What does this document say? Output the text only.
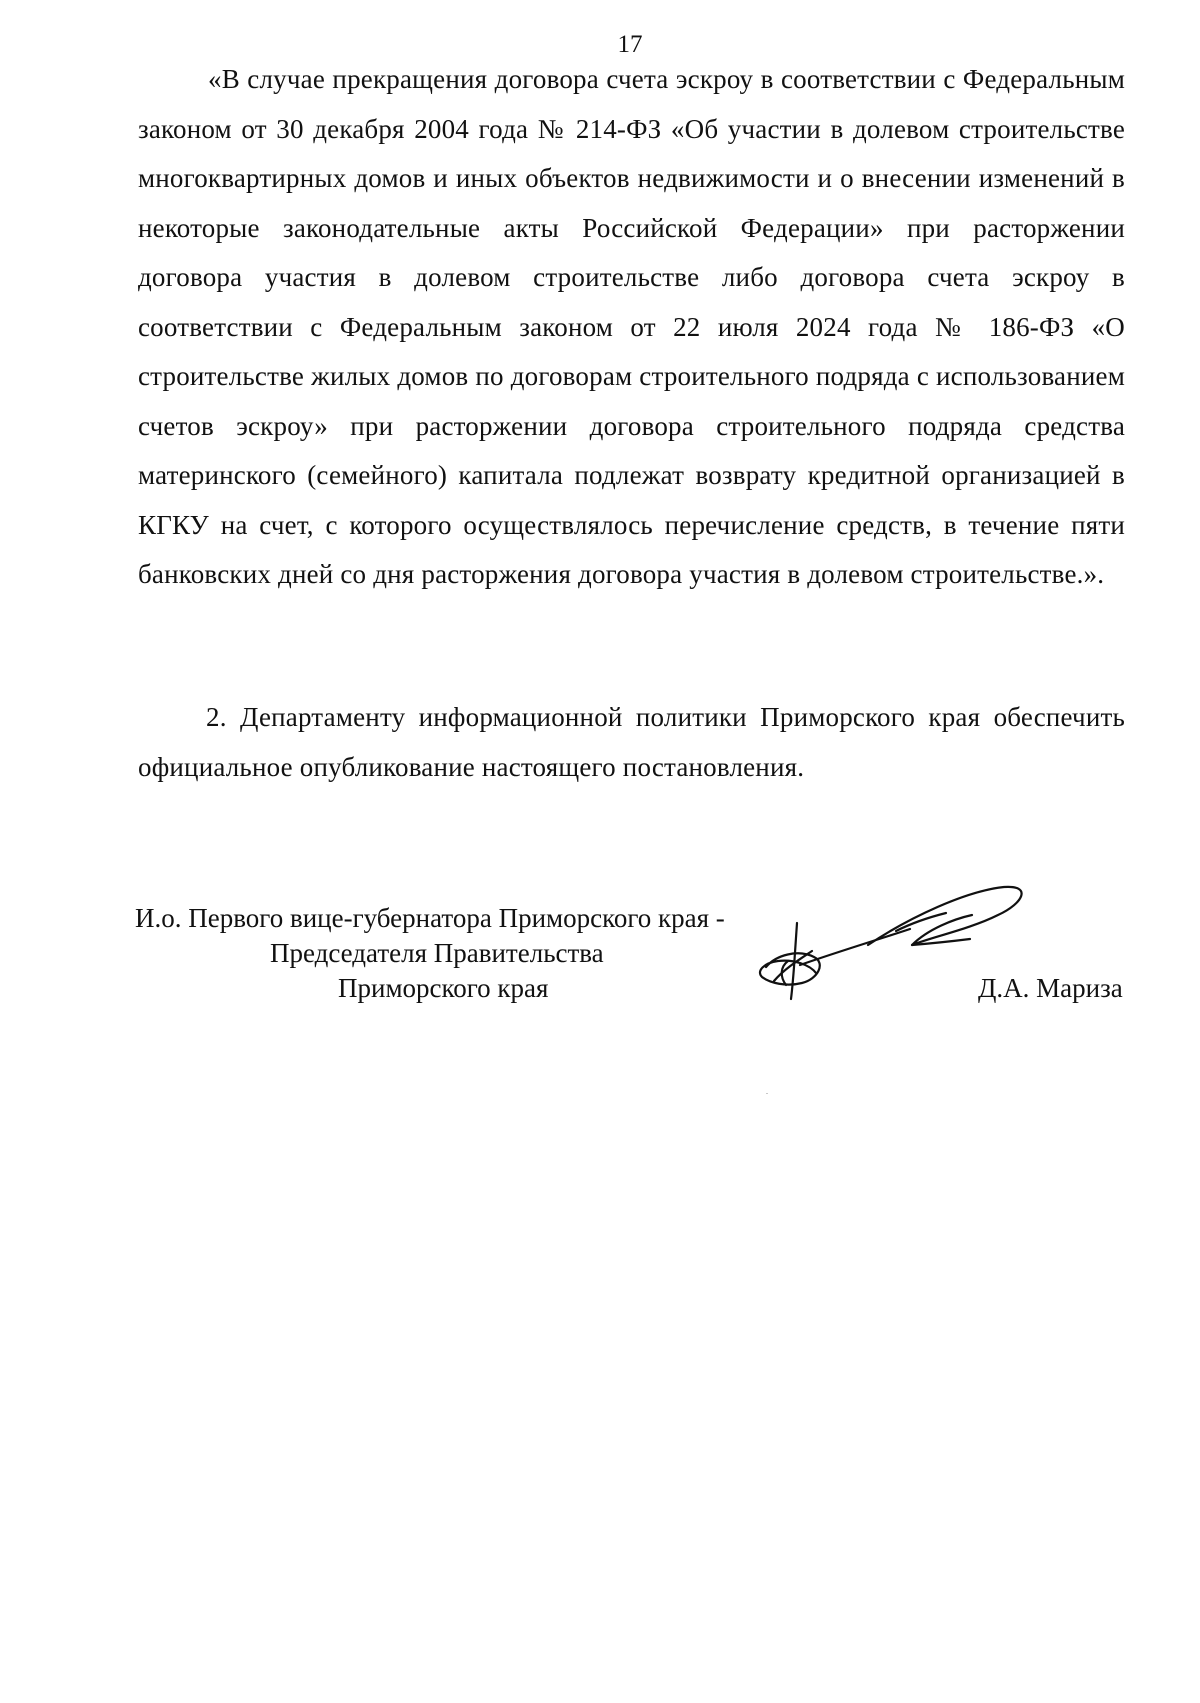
17

«В случае прекращения договора счета эскроу в соответствии с Федеральным законом от 30 декабря 2004 года № 214-ФЗ «Об участии в долевом строительстве многоквартирных домов и иных объектов недвижимости и о внесении изменений в некоторые законодательные акты Российской Федерации» при расторжении договора участия в долевом строительстве либо договора счета эскроу в соответствии с Федеральным законом от 22 июля 2024 года № 186-ФЗ «О строительстве жилых домов по договорам строительного подряда с использованием счетов эскроу» при расторжении договора строительного подряда средства материнского (семейного) капитала подлежат возврату кредитной организацией в КГКУ на счет, с которого осуществлялось перечисление средств, в течение пяти банковских дней со дня расторжения договора участия в долевом строительстве.».

2. Департаменту информационной политики Приморского края обеспечить официальное опубликование настоящего постановления.

И.о. Первого вице-губернатора Приморского края -
Председателя Правительства
Приморского края	Д.А. Мариза
